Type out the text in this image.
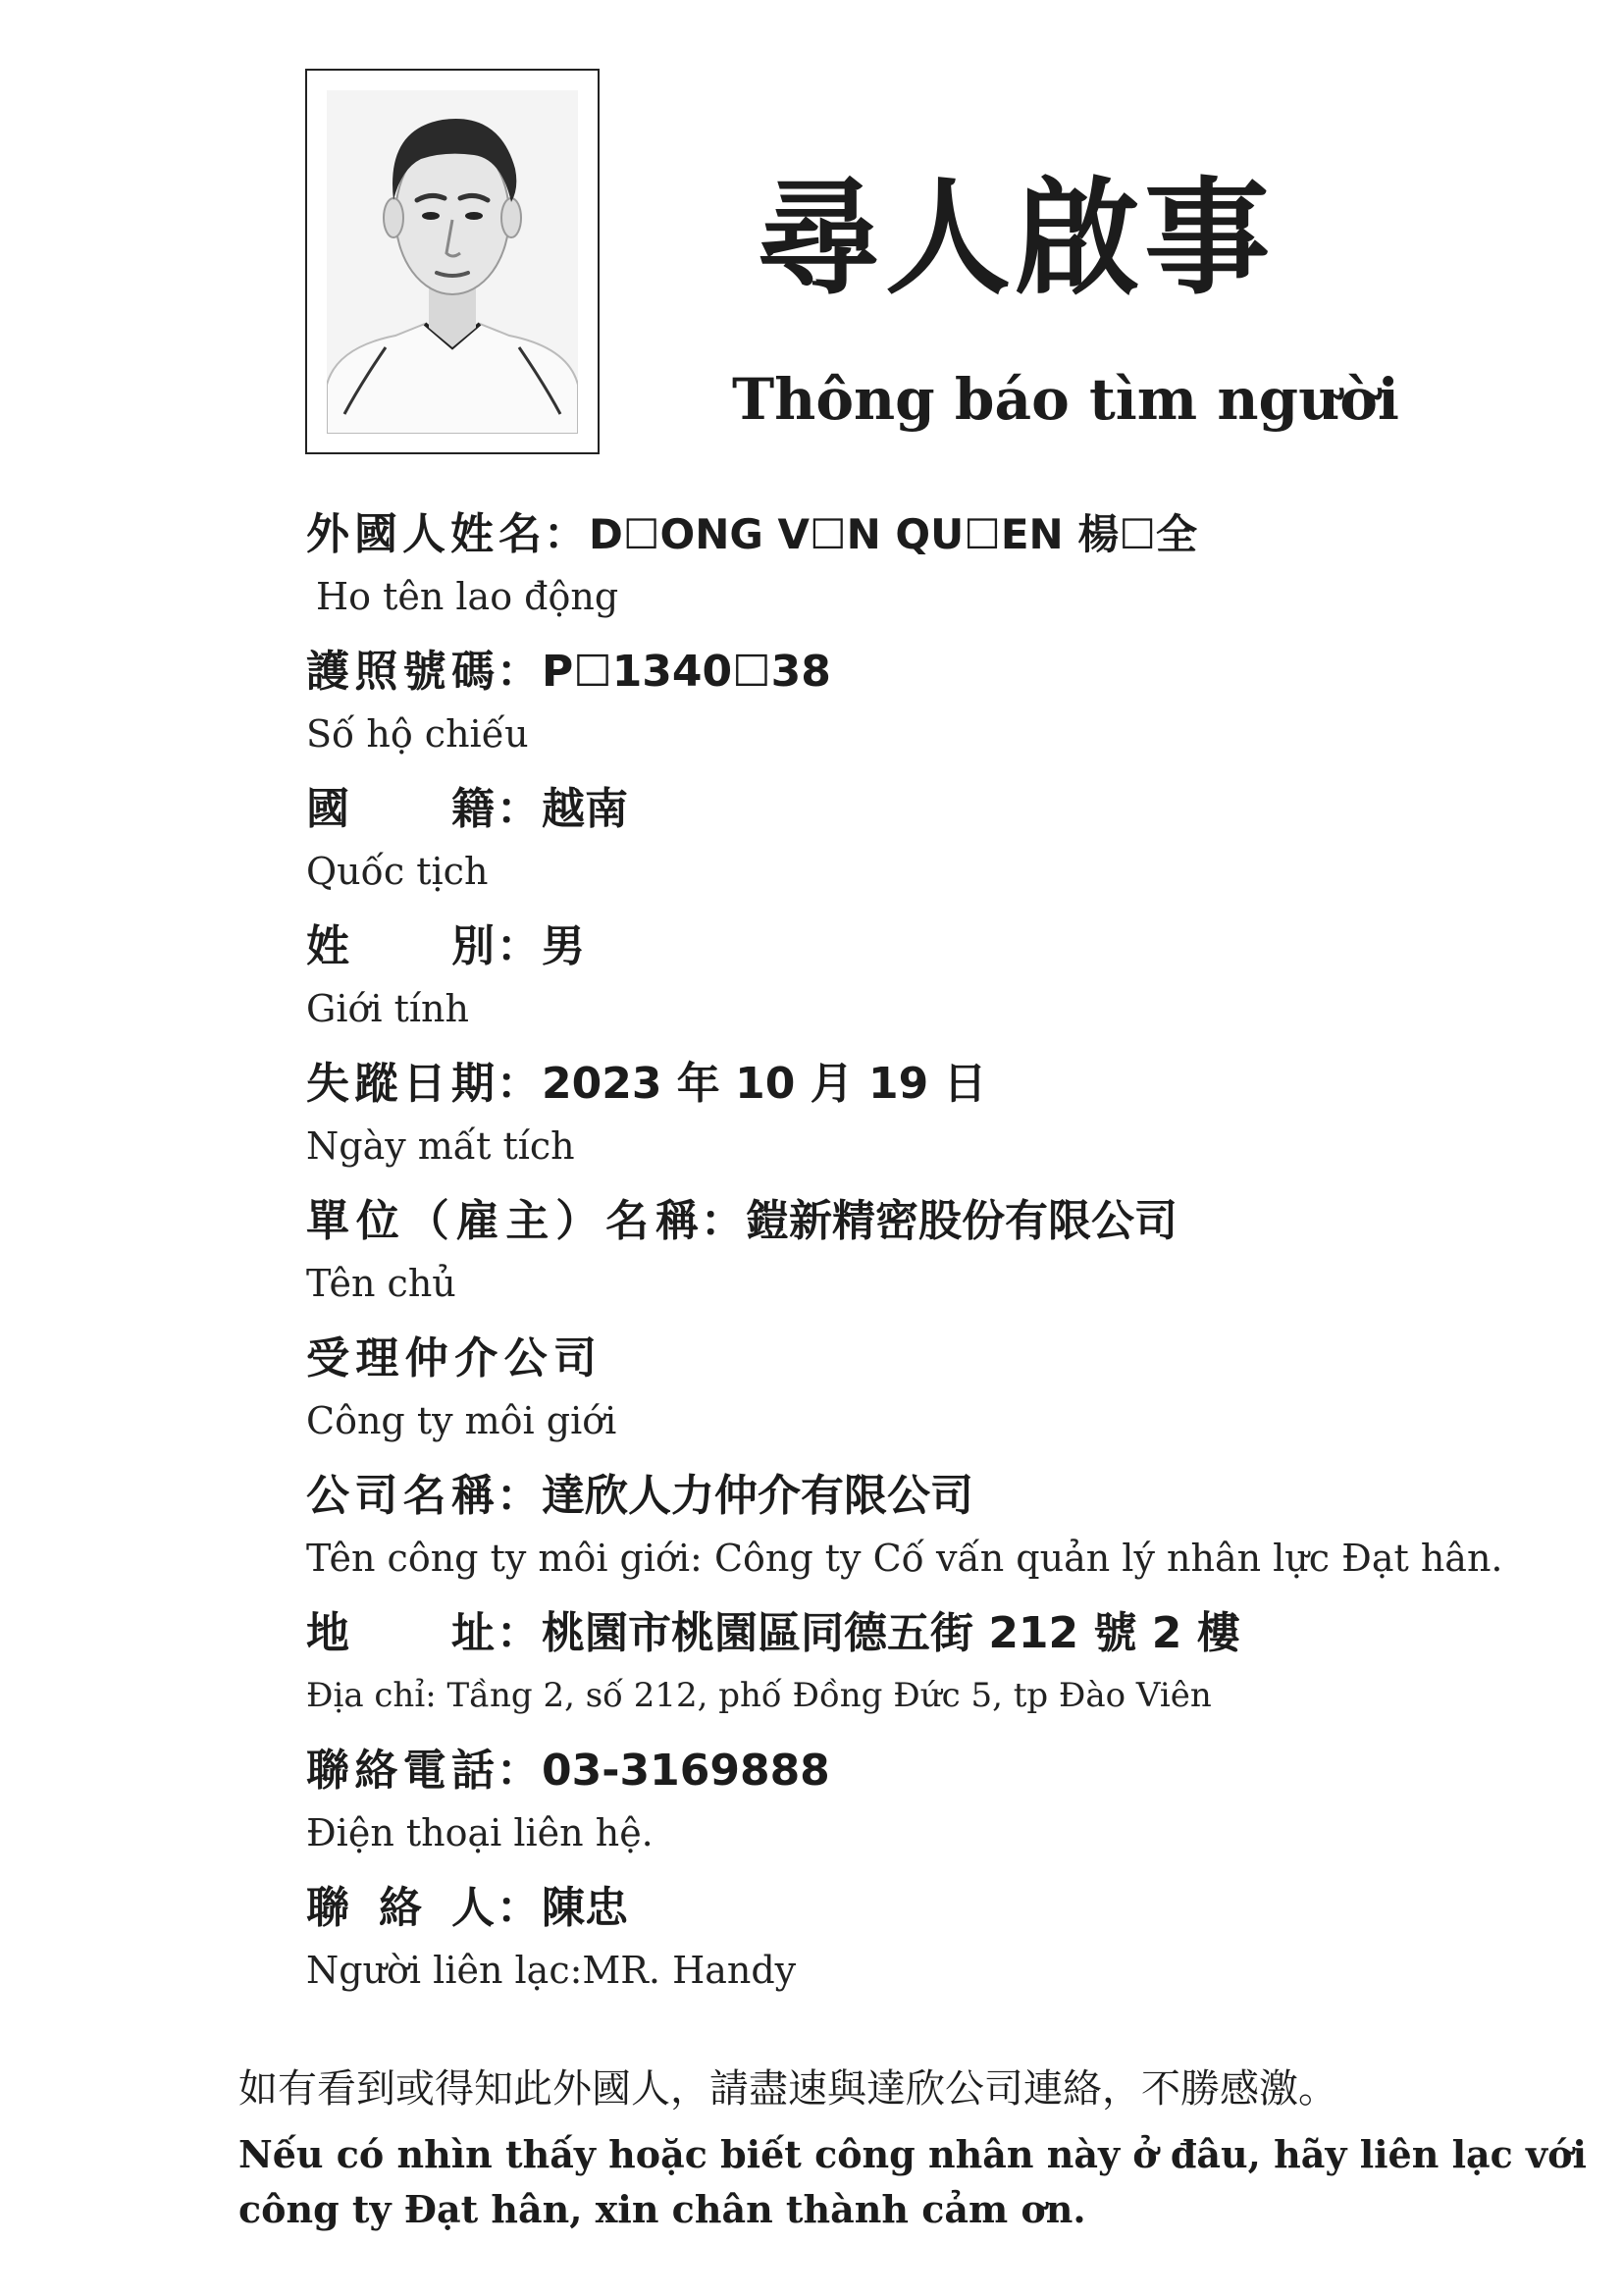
尋人啟事
Thông báo tìm người
外國人姓名 ： D☐ONG V☐N QU☐EN 楊☐全
Ho tên lao động
護照號碼 ： P☐1340☐38
Số hộ chiếu
國籍 ： 越南
Quốc tịch
姓別 ： 男
Giới tính
失蹤日期 ： 2023 年 10 月 19 日
Ngày mất tích
單位（雇主）名稱 ： 鎧新精密股份有限公司
Tên chủ
受理仲介公司
Công ty môi giới
公司名稱 ： 達欣人力仲介有限公司
Tên công ty môi giới: Công ty Cố vấn quản lý nhân lực Đạt hân.
地址 ： 桃園市桃園區同德五街 212 號 2 樓
Địa chỉ: Tầng 2, số 212, phố Đồng Đức 5, tp Đào Viên
聯絡電話 ： 03-3169888
Điện thoại liên hệ.
聯絡人 ： 陳忠
Người liên lạc:MR. Handy
如有看到或得知此外國人，請盡速與達欣公司連絡，不勝感激。
Nếu có nhìn thấy hoặc biết công nhân này ở đâu, hãy liên lạc với
công ty Đạt hân, xin chân thành cảm ơn.
